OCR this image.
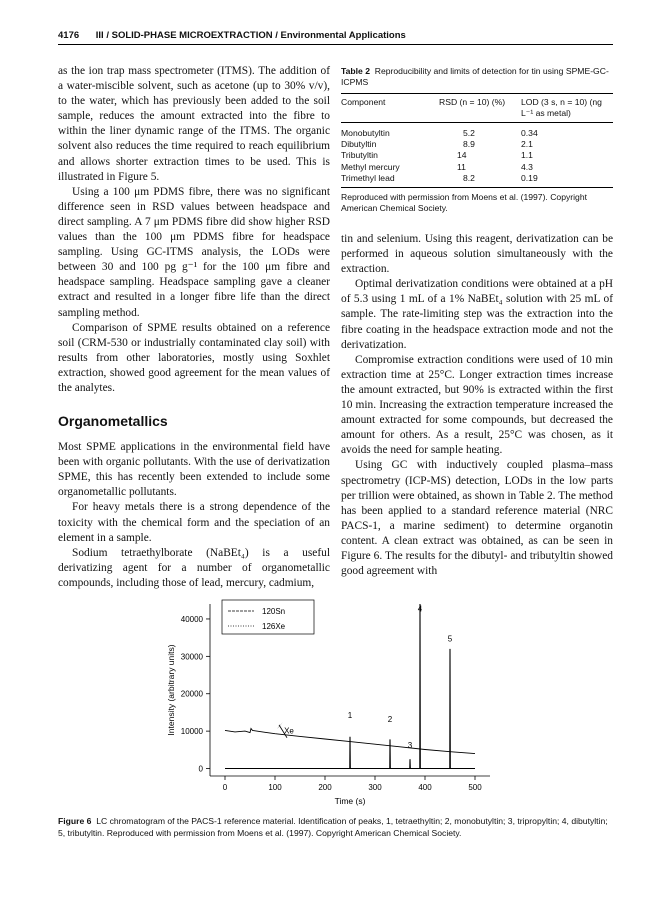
4176 III / SOLID-PHASE MICROEXTRACTION / Environmental Applications

as the ion trap mass spectrometer (ITMS). The addition of a water-miscible solvent, such as acetone (up to 30% v/v), to the water, which has previously been added to the soil sample, reduces the amount extracted into the fibre to within the liner dynamic range of the ITMS. The organic solvent also reduces the time required to reach equilibrium and allows shorter extraction times to be used. This is illustrated in Figure 5.

Using a 100 μm PDMS fibre, there was no significant difference seen in RSD values between headspace and direct sampling. A 7 μm PDMS fibre did show higher RSD values than the 100 μm PDMS fibre for headspace sampling. Using GC-ITMS analysis, the LODs were between 30 and 100 pg g⁻¹ for the 100 μm fibre and headspace sampling. Headspace sampling gave a cleaner extract and resulted in a longer fibre life than the direct sampling method.

Comparison of SPME results obtained on a reference soil (CRM-530 or industrially contaminated clay soil) with results from other laboratories, mostly using Soxhlet extraction, showed good agreement for the mean values of the analytes.

Organometallics

Most SPME applications in the environmental field have been with organic pollutants. With the use of derivatization SPME, this has recently been extended to include some organometallic pollutants.

For heavy metals there is a strong dependence of the toxicity with the chemical form and the speciation of an element in a sample.

Sodium tetraethylborate (NaBEt₄) is a useful derivatizing agent for a number of organometallic compounds, including those of lead, mercury, cadmium,

Table 2 Reproducibility and limits of detection for tin using SPME-GC-ICPMS
Component	RSD (n = 10) (%)	LOD (3 s, n = 10) (ng L⁻¹ as metal)
Monobutyltin	5.2	0.34
Dibutyltin	8.9	2.1
Tributyltin	14	1.1
Methyl mercury	11	4.3
Trimethyl lead	8.2	0.19
Reproduced with permission from Moens et al. (1997). Copyright American Chemical Society.

tin and selenium. Using this reagent, derivatization can be performed in aqueous solution simultaneously with the extraction.

Optimal derivatization conditions were obtained at a pH of 5.3 using 1 mL of a 1% NaBEt₄ solution with 25 mL of sample. The rate-limiting step was the extraction into the fibre coating in the headspace extraction mode and not the derivatization.

Compromise extraction conditions were used of 10 min extraction time at 25°C. Longer extraction times increase the amount extracted, but 90% is extracted within the first 10 min. Increasing the extraction temperature increased the amount extracted for some compounds, but decreased the amount for others. As a result, 25°C was chosen, as it avoids the need for sample heating.

Using GC with inductively coupled plasma–mass spectrometry (ICP-MS) detection, LODs in the low parts per trillion were obtained, as shown in Table 2. The method has been applied to a standard reference material (NRC PACS-1, a marine sediment) to determine organotin content. A clean extract was obtained, as can be seen in Figure 6. The results for the dibutyl- and tributyltin showed good agreement with

0	100	200	300	400	500
0
10000
20000
30000
40000
Time (s)
Intensity (arbitrary units)	Xe
1	2
3
4
5
120Sn
126Xe
Figure 6 LC chromatogram of the PACS-1 reference material. Identification of peaks, 1, tetraethyltin; 2, monobutyltin; 3, tripropyltin; 4, dibutyltin; 5, tributyltin. Reproduced with permission from Moens et al. (1997). Copyright American Chemical Society.
